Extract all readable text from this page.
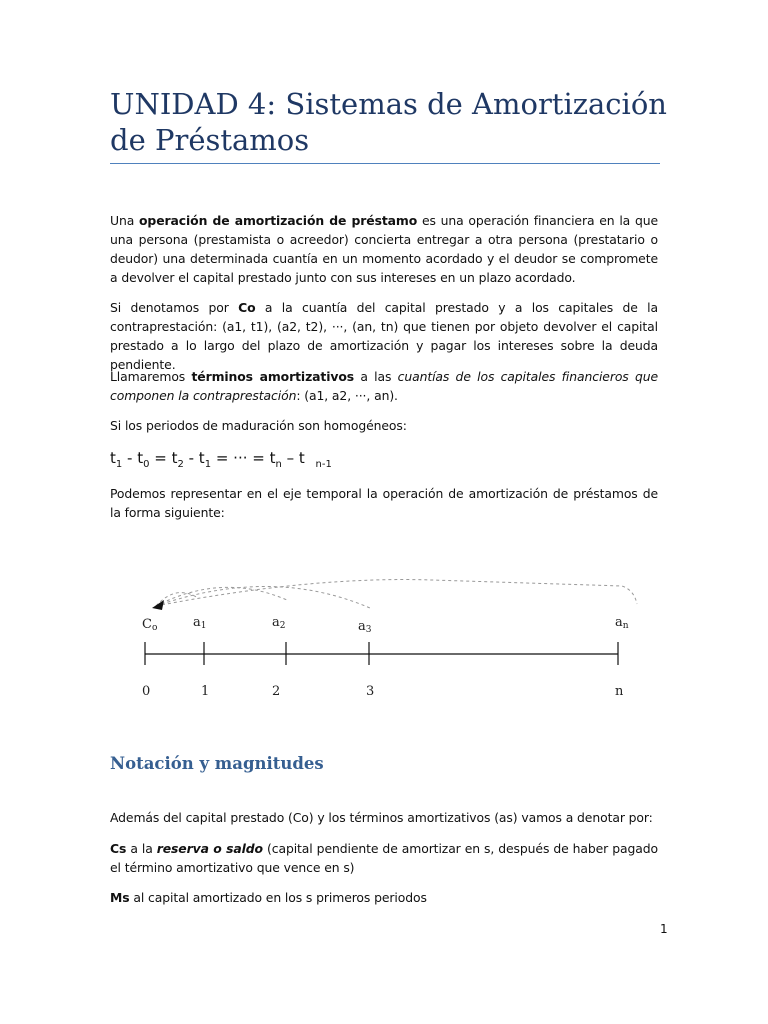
UNIDAD 4: Sistemas de Amortización
de Préstamos

Una operación de amortización de préstamo es una operación financiera en la que una persona (prestamista o acreedor) concierta entregar a otra persona (prestatario o deudor) una determinada cuantía en un momento acordado y el deudor se compromete a devolver el capital prestado junto con sus intereses en un plazo acordado.

Si denotamos por Co a la cuantía del capital prestado y a los capitales de la contraprestación: (a1, t1), (a2, t2), ···, (an, tn) que tienen por objeto devolver el capital prestado a lo largo del plazo de amortización y pagar los intereses sobre la deuda pendiente.

Llamaremos términos amortizativos a las cuantías de los capitales financieros que componen la contraprestación: (a1, a2, ···, an).

Si los periodos de maduración son homogéneos:

$t_1 - t_0 = t_2 - t_1$ = ··· = $t_n$ – t $_{n-1}$

Podemos representar en el eje temporal la operación de amortización de préstamos de la forma siguiente:

Co	a1	a2	a3	an
0	1	2	3	n
Notación y magnitudes

Además del capital prestado (Co) y los términos amortizativos (as) vamos a denotar por:

Cs a la reserva o saldo (capital pendiente de amortizar en s, después de haber pagado el término amortizativo que vence en s)

Ms al capital amortizado en los s primeros periodos

1
